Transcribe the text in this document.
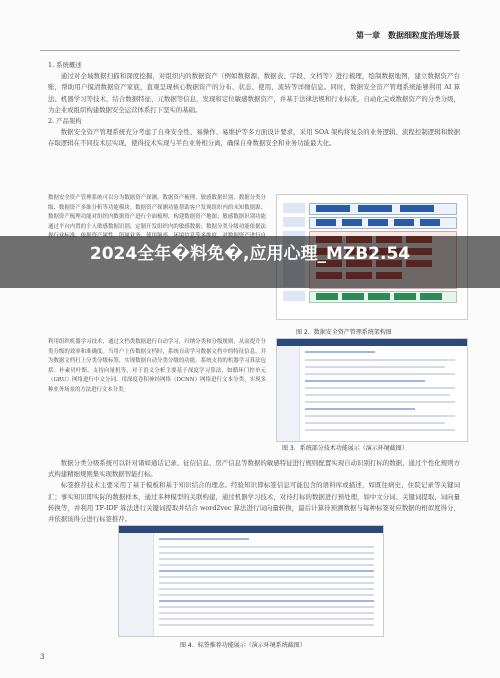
第一章　数据细粒度治理场景

1. 系统概述

通过对全域数据扫描和深度挖掘，对组织内的数据资产（例如数据源、数据表、字段、文档等）进行梳理，绘制数据地图，建立数据资产台账，帮助用户摸清数据资产家底，直观呈现核心数据资产的分布、状态、使用、流转等详细信息。同时，数据安全资产管理系统能够利用 AI 算法、机器学习等技术，结合数据特征、元数据等信息，发现和定位敏感数据资产，并基于法律法规和行业标准，自动化完成数据资产的分类分级，为企业或组织构建数据安全运营体系打下坚实的基础。

2. 产品架构

数据安全资产管理系统充分考虑了自身安全性、易操作、易维护等多方面设计要求，采用 SOA 架构将复杂的业务逻辑、流程控制逻辑和数据存取逻辑在不同技术层实现，使得技术实现与平台业务相分离，确保自身数据安全和业务功能最大化。

数据安全资产管理系统可以分为数据资产探测、数据资产梳理、敏感数据识别、数据分类分级、数据资产多维分析等功能模块。数据资产探测功能帮助客户发现组织内的未知数据源；数据资产梳理功能对组织内数据资产进行全面梳理，构建数据资产地图；敏感数据识别功能通过平台内置的个人敏感数据识别、定制开发组织内的敏感数据；数据分类分级功能依据法
2024全年�料免�,应用心理_MZB2.54
图 2．数据安全资产管理系统架构图
利用组织机器学习技术，通过文档类数据进行自动学习，归纳分类和分级规则，从而提升分类分级的效率和准确度。当用户上传数据文档时，系统自动学习数据文档中的特征信息，并为数据文档打上分类分级标签，实现数据自动分类分级的功能。系统支持的机器学习算法包括：朴素贝叶斯、支持向量机等，对于语义分析主要基于深度学习算法，如循环门控单元（GRU）网络进行中文分词，用深度卷积神经网络（DCNN）网络进行文本分类，实现多种业务场景的方法进行文本分类。
图 3．系统部分技术功能展示（演示环境截图）

数据分类分级系统可以针对诸如通话记录、征信信息、房产信息等数据的敏感特征进行规则配置实现自动识别打标的数据，通过个性化规则方式构建精细规则集实现数据智能打标。

标签推荐技术主要采用了基于模板和基于知识结合的理念。经验知识即标签信息可能包含的语料库或描述，如既往病史、住院记录等关键词汇；事实知识即实际的数据样本，通过多种模型的关联构建，通过机器学习技术，对待打标的数据进行预处理，如中文分词、关键词提取、词向量转换等，并利用 TF-IDF 算法进行关键词提取并结合 word2vec 算法进行词向量转换，最后计算待预测数据与每种标签对应数据的相似度得分，并依据该得分进行标签推荐。

图 4．标签推荐功能展示（演示环境系统截图）
3
